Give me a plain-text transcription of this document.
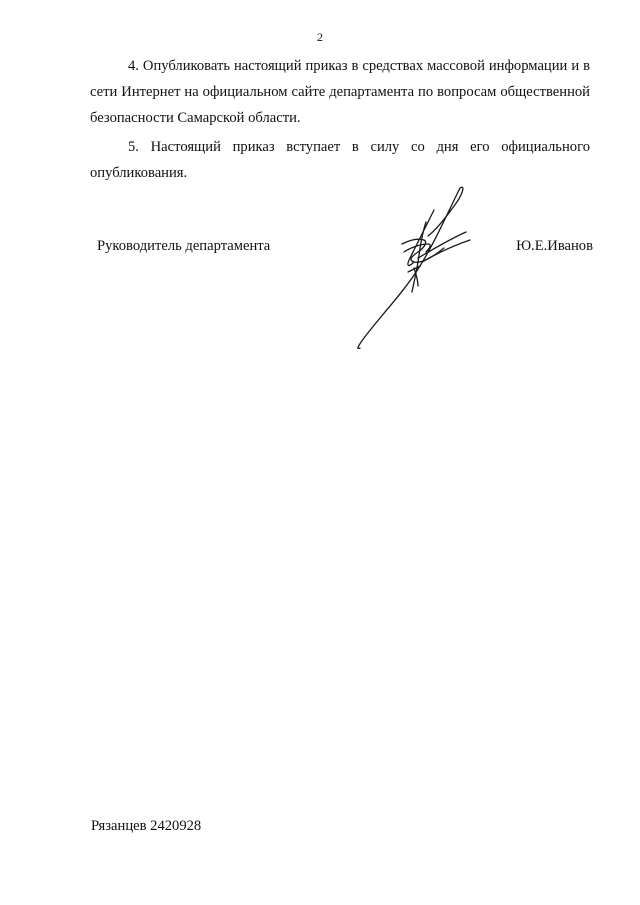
2

4. Опубликовать настоящий приказ в средствах массовой информации и в сети Интернет на официальном сайте департамента по вопросам общественной безопасности Самарской области.

5. Настоящий приказ вступает в силу со дня его официального опубликования.

Руководитель департамента	Ю.Е.Иванов
Рязанцев 2420928
